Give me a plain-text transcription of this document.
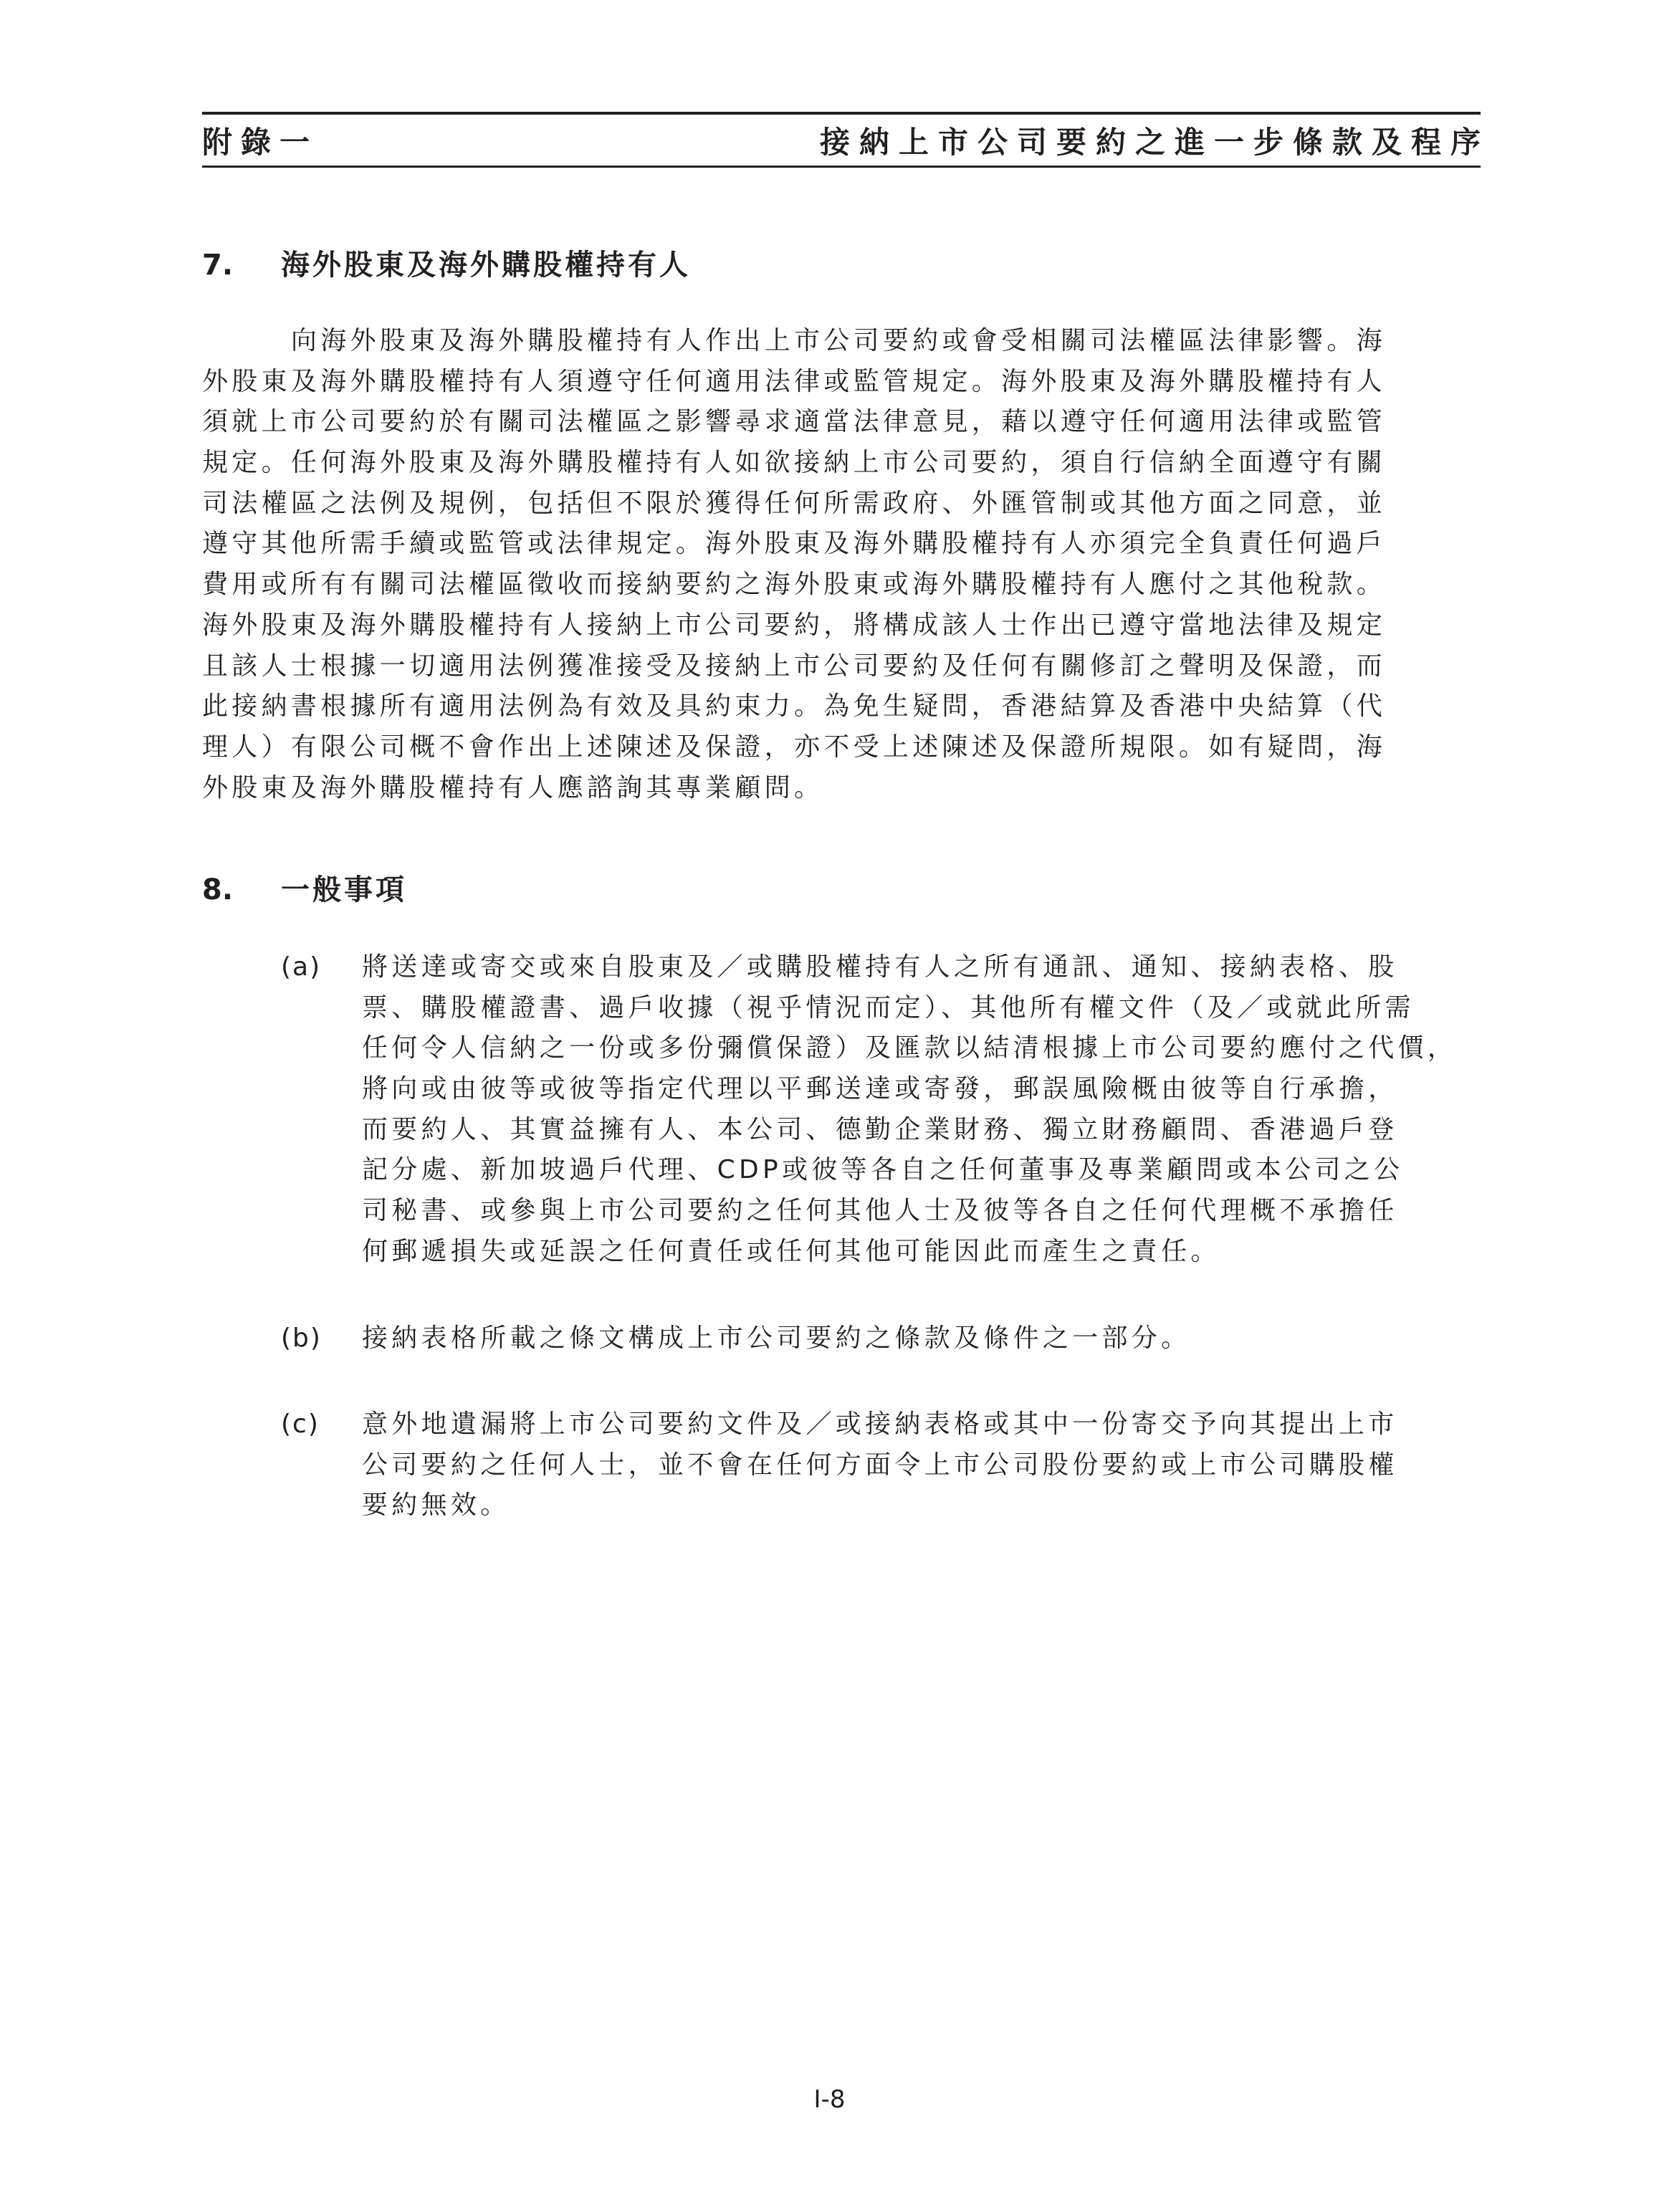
附錄一	接納上市公司要約之進一步條款及程序
7. 海外股東及海外購股權持有人
　　　向海外股東及海外購股權持有人作出上市公司要約或會受相關司法權區法律影響。海
外股東及海外購股權持有人須遵守任何適用法律或監管規定。海外股東及海外購股權持有人
須就上市公司要約於有關司法權區之影響尋求適當法律意見，藉以遵守任何適用法律或監管
規定。任何海外股東及海外購股權持有人如欲接納上市公司要約，須自行信納全面遵守有關
司法權區之法例及規例，包括但不限於獲得任何所需政府、外匯管制或其他方面之同意，並
遵守其他所需手續或監管或法律規定。海外股東及海外購股權持有人亦須完全負責任何過戶
費用或所有有關司法權區徵收而接納要約之海外股東或海外購股權持有人應付之其他稅款。
海外股東及海外購股權持有人接納上市公司要約，將構成該人士作出已遵守當地法律及規定
且該人士根據一切適用法例獲准接受及接納上市公司要約及任何有關修訂之聲明及保證，而
此接納書根據所有適用法例為有效及具約束力。為免生疑問，香港結算及香港中央結算（代
理人）有限公司概不會作出上述陳述及保證，亦不受上述陳述及保證所規限。如有疑問，海
外股東及海外購股權持有人應諮詢其專業顧問。
8. 一般事項
(a) 將送達或寄交或來自股東及／或購股權持有人之所有通訊、通知、接納表格、股
票、購股權證書、過戶收據（視乎情況而定）、其他所有權文件（及／或就此所需
任何令人信納之一份或多份彌償保證）及匯款以結清根據上市公司要約應付之代價，
將向或由彼等或彼等指定代理以平郵送達或寄發，郵誤風險概由彼等自行承擔，
而要約人、其實益擁有人、本公司、德勤企業財務、獨立財務顧問、香港過戶登
記分處、新加坡過戶代理、CDP或彼等各自之任何董事及專業顧問或本公司之公
司秘書、或參與上市公司要約之任何其他人士及彼等各自之任何代理概不承擔任
何郵遞損失或延誤之任何責任或任何其他可能因此而產生之責任。
(b) 接納表格所載之條文構成上市公司要約之條款及條件之一部分。
(c) 意外地遺漏將上市公司要約文件及／或接納表格或其中一份寄交予向其提出上市
公司要約之任何人士，並不會在任何方面令上市公司股份要約或上市公司購股權
要約無效。
I-8
